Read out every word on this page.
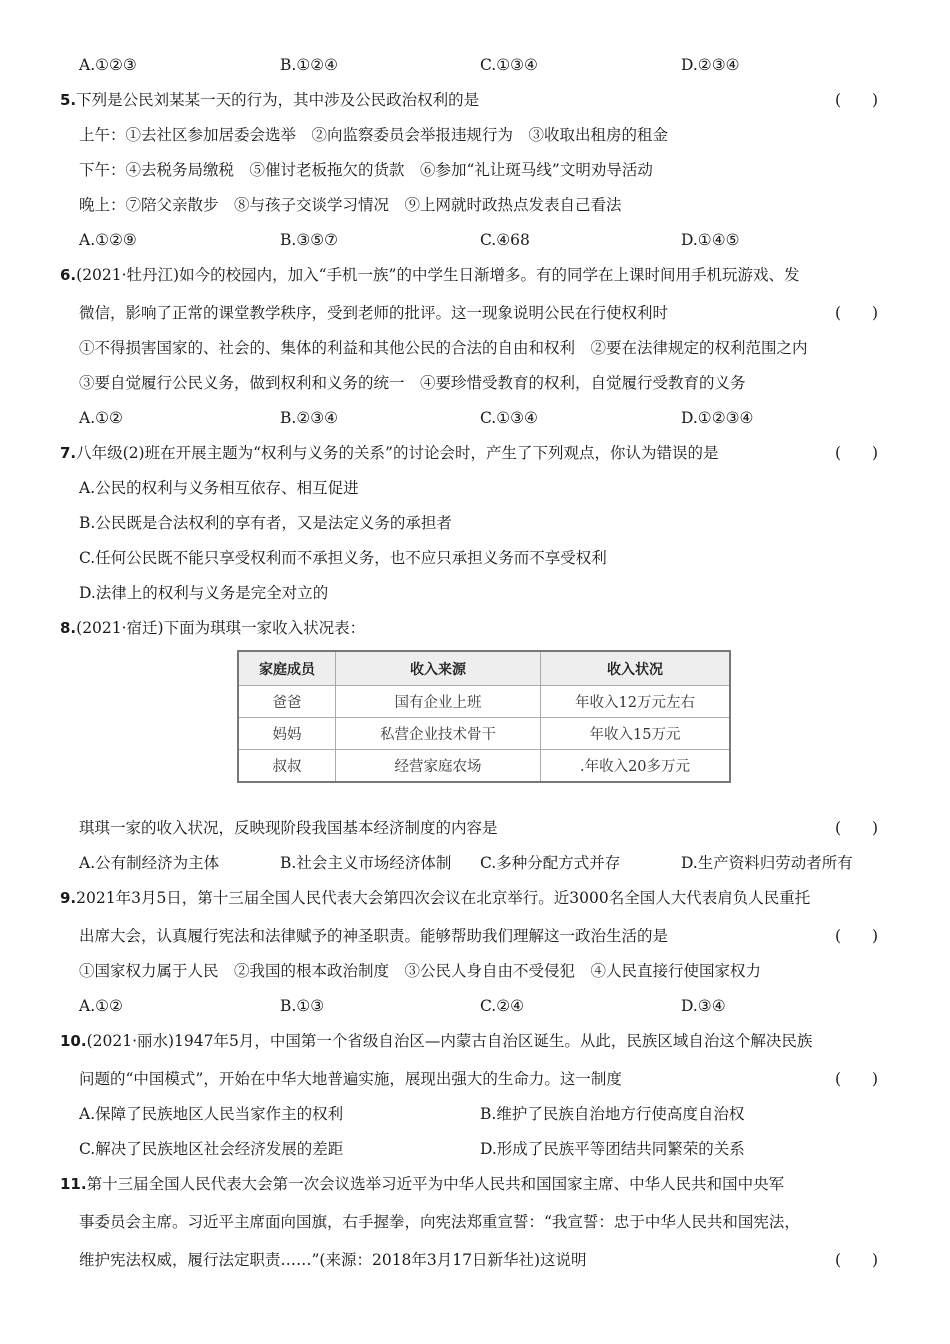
A.①②③	B.①②④	C.①③④	D.②③④
5.下列是公民刘某某一天的行为，其中涉及公民政治权利的是	(　　)
上午：①去社区参加居委会选举　②向监察委员会举报违规行为　③收取出租房的租金
下午：④去税务局缴税　⑤催讨老板拖欠的货款　⑥参加“礼让斑马线”文明劝导活动
晚上：⑦陪父亲散步　⑧与孩子交谈学习情况　⑨上网就时政热点发表自己看法
A.①②⑨	B.③⑤⑦	C.④68	D.①④⑤
6.(2021·牡丹江)如今的校园内，加入“手机一族”的中学生日渐增多。有的同学在上课时间用手机玩游戏、发
微信，影响了正常的课堂教学秩序，受到老师的批评。这一现象说明公民在行使权利时	(　　)
①不得损害国家的、社会的、集体的利益和其他公民的合法的自由和权利　②要在法律规定的权利范围之内
③要自觉履行公民义务，做到权利和义务的统一　④要珍惜受教育的权利，自觉履行受教育的义务
A.①②	B.②③④	C.①③④	D.①②③④
7.八年级(2)班在开展主题为“权利与义务的关系”的讨论会时，产生了下列观点，你认为错误的是	(　　)
A.公民的权利与义务相互依存、相互促进
B.公民既是合法权利的享有者，又是法定义务的承担者
C.任何公民既不能只享受权利而不承担义务，也不应只承担义务而不享受权利
D.法律上的权利与义务是完全对立的
8.(2021·宿迁)下面为琪琪一家收入状况表：
家庭成员	收入来源	收入状况
爸爸	国有企业上班	年收入12万元左右
妈妈	私营企业技术骨干	年收入15万元
叔叔	经营家庭农场	.年收入20多万元
琪琪一家的收入状况，反映现阶段我国基本经济制度的内容是	(　　)
A.公有制经济为主体	B.社会主义市场经济体制 C.多种分配方式并存	D.生产资料归劳动者所有
9.2021年3月5日，第十三届全国人民代表大会第四次会议在北京举行。近3000名全国人大代表肩负人民重托
出席大会，认真履行宪法和法律赋予的神圣职责。能够帮助我们理解这一政治生活的是	(　　)
①国家权力属于人民　②我国的根本政治制度　③公民人身自由不受侵犯　④人民直接行使国家权力
A.①②	B.①③	C.②④	D.③④
10.(2021·丽水)1947年5月，中国第一个省级自治区—内蒙古自治区诞生。从此，民族区域自治这个解决民族
问题的“中国模式”，开始在中华大地普遍实施，展现出强大的生命力。这一制度	(　　)
A.保障了民族地区人民当家作主的权利	B.维护了民族自治地方行使高度自治权
C.解决了民族地区社会经济发展的差距	D.形成了民族平等团结共同繁荣的关系
11.第十三届全国人民代表大会第一次会议选举习近平为中华人民共和国国家主席、中华人民共和国中央军
事委员会主席。习近平主席面向国旗，右手握拳，向宪法郑重宣誓：“我宣誓：忠于中华人民共和国宪法，
维护宪法权威，履行法定职责……”(来源：2018年3月17日新华社)这说明	(　　)
